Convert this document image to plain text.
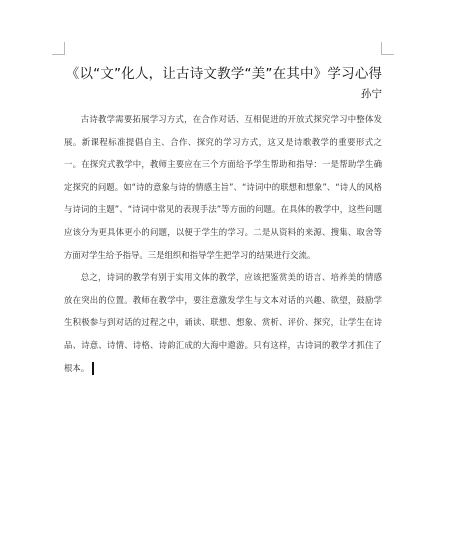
《以“文”化人，让古诗文教学“美”在其中》学习心得
孙宁

古诗教学需要拓展学习方式，在合作对话、互相促进的开放式探究学习中整体发展。新课程标准提倡自主、合作、探究的学习方式，这又是诗歌教学的重要形式之一。在探究式教学中，教师主要应在三个方面给予学生帮助和指导：一是帮助学生确定探究的问题。如“诗的意象与诗的情感主旨”、“诗词中的联想和想象”、“诗人的风格与诗词的主题”、“诗词中常见的表现手法”等方面的问题。在具体的教学中，这些问题应该分为更具体更小的问题，以便于学生的学习。二是从资料的来源、搜集、取舍等方面对学生给予指导。三是组织和指导学生把学习的结果进行交流。

总之，诗词的教学有别于实用文体的教学，应该把鉴赏美的语言、培养美的情感放在突出的位置。教师在教学中，要注意激发学生与文本对话的兴趣、欲望，鼓励学生积极参与到对话的过程之中，诵读、联想、想象、赏析、评价、探究，让学生在诗品、诗意、诗情、诗格、诗韵汇成的大海中遨游。只有这样，古诗词的教学才抓住了根本。
